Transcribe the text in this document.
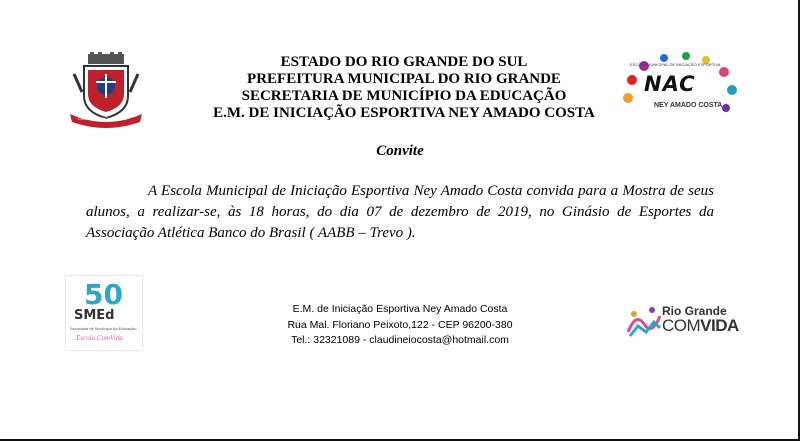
CIDADE DO RIO GRANDE
ESTADO DO RIO GRANDE DO SUL
PREFEITURA MUNICIPAL DO RIO GRANDE
SECRETARIA DE MUNICÍPIO DA EDUCAÇÃO
E.M. DE INICIAÇÃO ESPORTIVA NEY AMADO COSTA
NAC
NEY AMADO COSTA
ESCOLA MUNICIPAL DE INICIAÇÃO ESPORTIVA
Convite
A Escola Municipal de Iniciação Esportiva Ney Amado Costa convida para a Mostra de seus alunos, a realizar-se, às 18 horas, do dia 07 de dezembro de 2019, no Ginásio de Esportes da Associação Atlética Banco do Brasil ( AABB – Trevo ).
50
SMEd
Secretaria de Município da Educação
Escola ComVida
E.M. de Iniciação Esportiva Ney Amado Costa
Rua Mal. Floriano Peixoto,122 - CEP 96200-380
Tel.: 32321089 - claudineiocosta@hotmail.com
Rio Grande
COMVIDA
